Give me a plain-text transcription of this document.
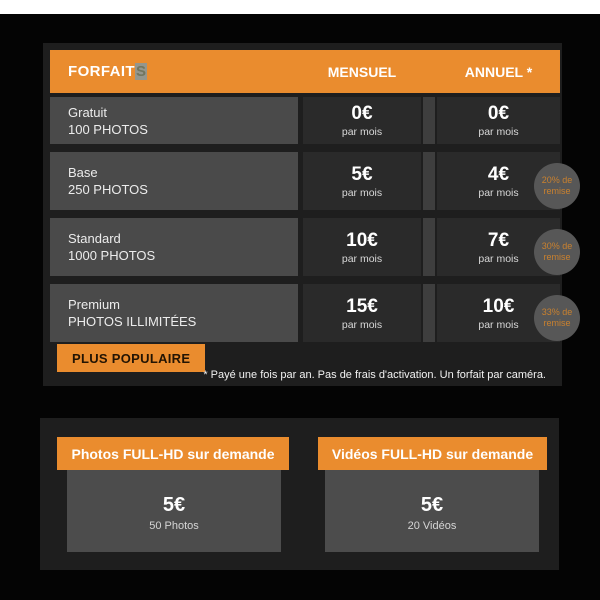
FORFAITS	MENSUEL	ANNUEL *
Gratuit
100 PHOTOS
0€
par mois
0€
par mois
Base
250 PHOTOS
5€
par mois
4€
par mois
Standard
1000 PHOTOS
10€
par mois
7€
par mois
Premium
PHOTOS ILLIMITÉES
15€
par mois
10€
par mois
20% de
remise
30% de
remise
33% de
remise
PLUS POPULAIRE
* Payé une fois par an. Pas de frais d'activation. Un forfait par caméra.
Photos FULL-HD sur demande
5€
50 Photos
Vidéos FULL-HD sur demande
5€
20 Vidéos
